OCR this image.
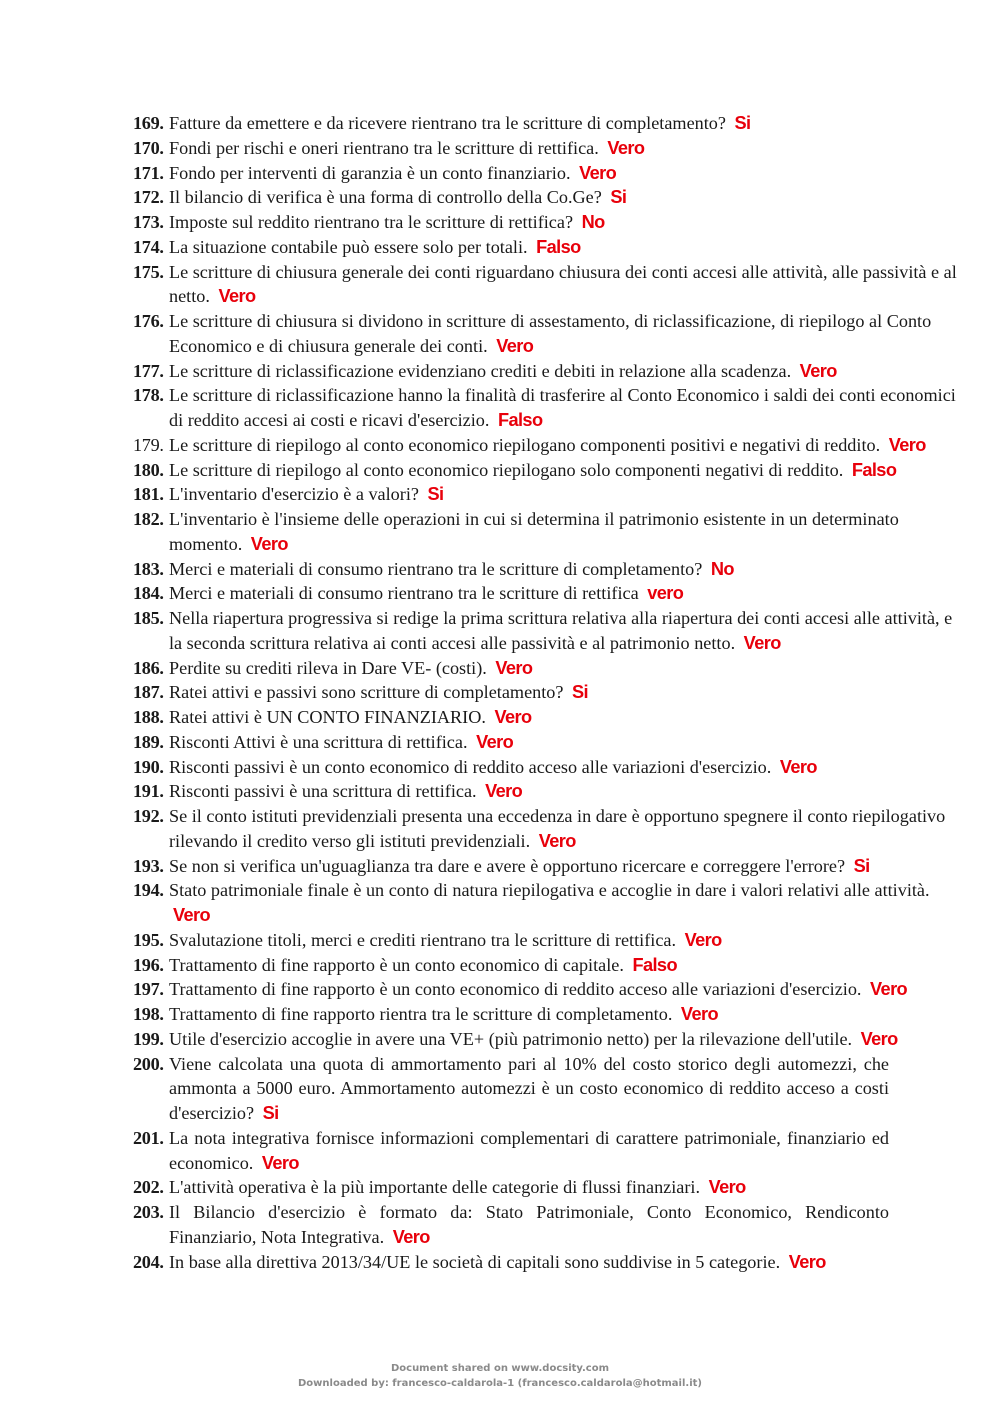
169. Fatture da emettere e da ricevere rientrano tra le scritture di completamento? Si
170. Fondi per rischi e oneri rientrano tra le scritture di rettifica. Vero
171. Fondo per interventi di garanzia è un conto finanziario. Vero
172. Il bilancio di verifica è una forma di controllo della Co.Ge? Si
173. Imposte sul reddito rientrano tra le scritture di rettifica? No
174. La situazione contabile può essere solo per totali. Falso
175. Le scritture di chiusura generale dei conti riguardano chiusura dei conti accesi alle attività, alle passività e al netto. Vero
176. Le scritture di chiusura si dividono in scritture di assestamento, di riclassificazione, di riepilogo al Conto Economico e di chiusura generale dei conti. Vero
177. Le scritture di riclassificazione evidenziano crediti e debiti in relazione alla scadenza. Vero
178. Le scritture di riclassificazione hanno la finalità di trasferire al Conto Economico i saldi dei conti economici di reddito accesi ai costi e ricavi d'esercizio. Falso
179. Le scritture di riepilogo al conto economico riepilogano componenti positivi e negativi di reddito. Vero
180. Le scritture di riepilogo al conto economico riepilogano solo componenti negativi di reddito. Falso
181. L'inventario d'esercizio è a valori? Si
182. L'inventario è l'insieme delle operazioni in cui si determina il patrimonio esistente in un determinato momento. Vero
183. Merci e materiali di consumo rientrano tra le scritture di completamento? No
184. Merci e materiali di consumo rientrano tra le scritture di rettifica vero
185. Nella riapertura progressiva si redige la prima scrittura relativa alla riapertura dei conti accesi alle attività, e la seconda scrittura relativa ai conti accesi alle passività e al patrimonio netto. Vero
186. Perdite su crediti rileva in Dare VE- (costi). Vero
187. Ratei attivi e passivi sono scritture di completamento? Si
188. Ratei attivi è UN CONTO FINANZIARIO. Vero
189. Risconti Attivi è una scrittura di rettifica. Vero
190. Risconti passivi è un conto economico di reddito acceso alle variazioni d'esercizio. Vero
191. Risconti passivi è una scrittura di rettifica. Vero
192. Se il conto istituti previdenziali presenta una eccedenza in dare è opportuno spegnere il conto riepilogativo rilevando il credito verso gli istituti previdenziali. Vero
193. Se non si verifica un'uguaglianza tra dare e avere è opportuno ricercare e correggere l'errore? Si
194. Stato patrimoniale finale è un conto di natura riepilogativa e accoglie in dare i valori relativi alle attività. Vero
195. Svalutazione titoli, merci e crediti rientrano tra le scritture di rettifica. Vero
196. Trattamento di fine rapporto è un conto economico di capitale. Falso
197. Trattamento di fine rapporto è un conto economico di reddito acceso alle variazioni d'esercizio. Vero
198. Trattamento di fine rapporto rientra tra le scritture di completamento. Vero
199. Utile d'esercizio accoglie in avere una VE+ (più patrimonio netto) per la rilevazione dell'utile. Vero
200. Viene calcolata una quota di ammortamento pari al 10% del costo storico degli automezzi, che ammonta a 5000 euro. Ammortamento automezzi è un costo economico di reddito acceso a costi d'esercizio? Si
201. La nota integrativa fornisce informazioni complementari di carattere patrimoniale, finanziario ed economico. Vero
202. L'attività operativa è la più importante delle categorie di flussi finanziari. Vero
203. Il Bilancio d'esercizio è formato da: Stato Patrimoniale, Conto Economico, Rendiconto Finanziario, Nota Integrativa. Vero
204. In base alla direttiva 2013/34/UE le società di capitali sono suddivise in 5 categorie. Vero
Document shared on www.docsity.com
Downloaded by: francesco-caldarola-1 (francesco.caldarola@hotmail.it)
